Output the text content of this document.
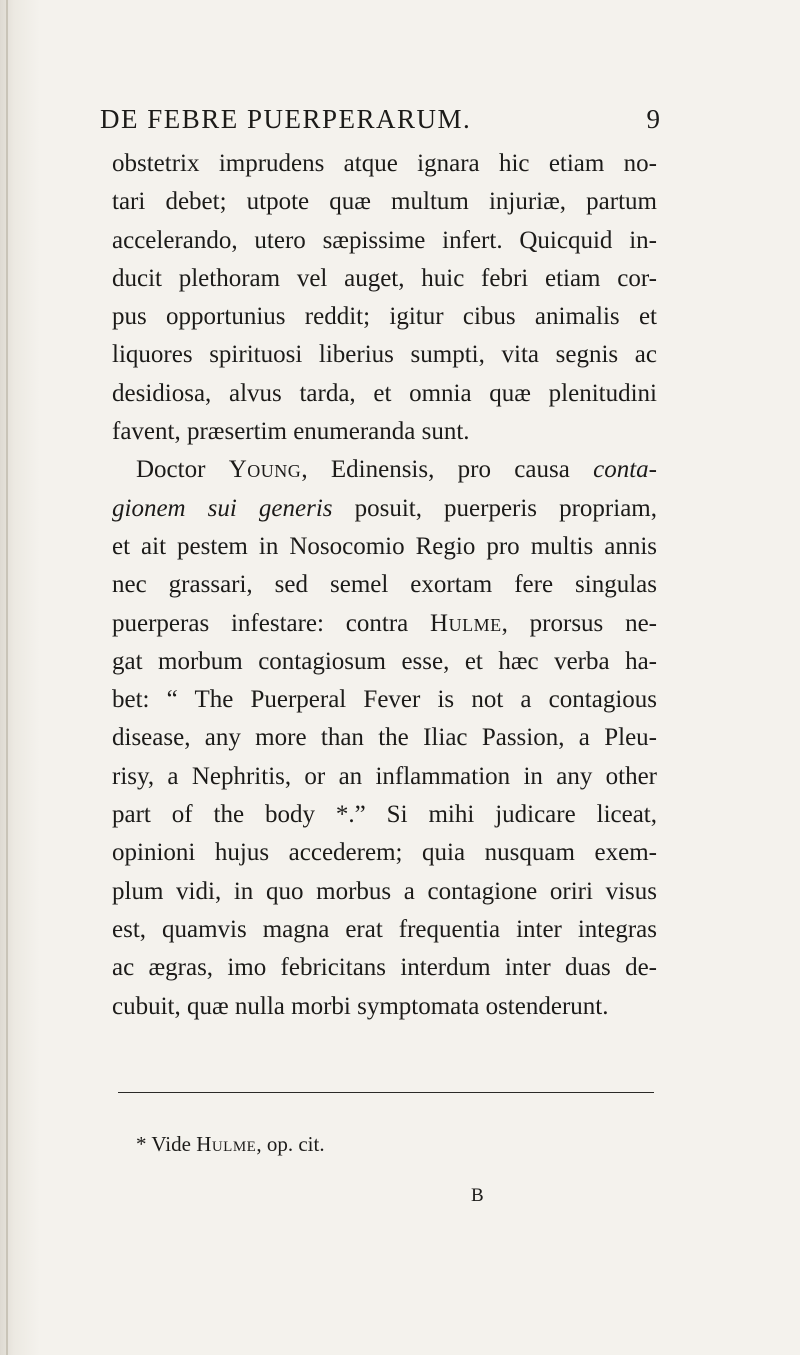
DE FEBRE PUERPERARUM.	9
obstetrix imprudens atque ignara hic etiam no-
tari debet; utpote quæ multum injuriæ, partum
accelerando, utero sæpissime infert. Quicquid in-
ducit plethoram vel auget, huic febri etiam cor-
pus opportunius reddit; igitur cibus animalis et
liquores spirituosi liberius sumpti, vita segnis ac
desidiosa, alvus tarda, et omnia quæ plenitudini
favent, præsertim enumeranda sunt.
Doctor Young, Edinensis, pro causa conta-
gionem sui generis posuit, puerperis propriam,
et ait pestem in Nosocomio Regio pro multis annis
nec grassari, sed semel exortam fere singulas
puerperas infestare: contra Hulme, prorsus ne-
gat morbum contagiosum esse, et hæc verba ha-
bet: “ The Puerperal Fever is not a contagious
disease, any more than the Iliac Passion, a Pleu-
risy, a Nephritis, or an inflammation in any other
part of the body *.” Si mihi judicare liceat,
opinioni hujus accederem; quia nusquam exem-
plum vidi, in quo morbus a contagione oriri visus
est, quamvis magna erat frequentia inter integras
ac ægras, imo febricitans interdum inter duas de-
cubuit, quæ nulla morbi symptomata ostenderunt.
* Vide Hulme, op. cit.
B
